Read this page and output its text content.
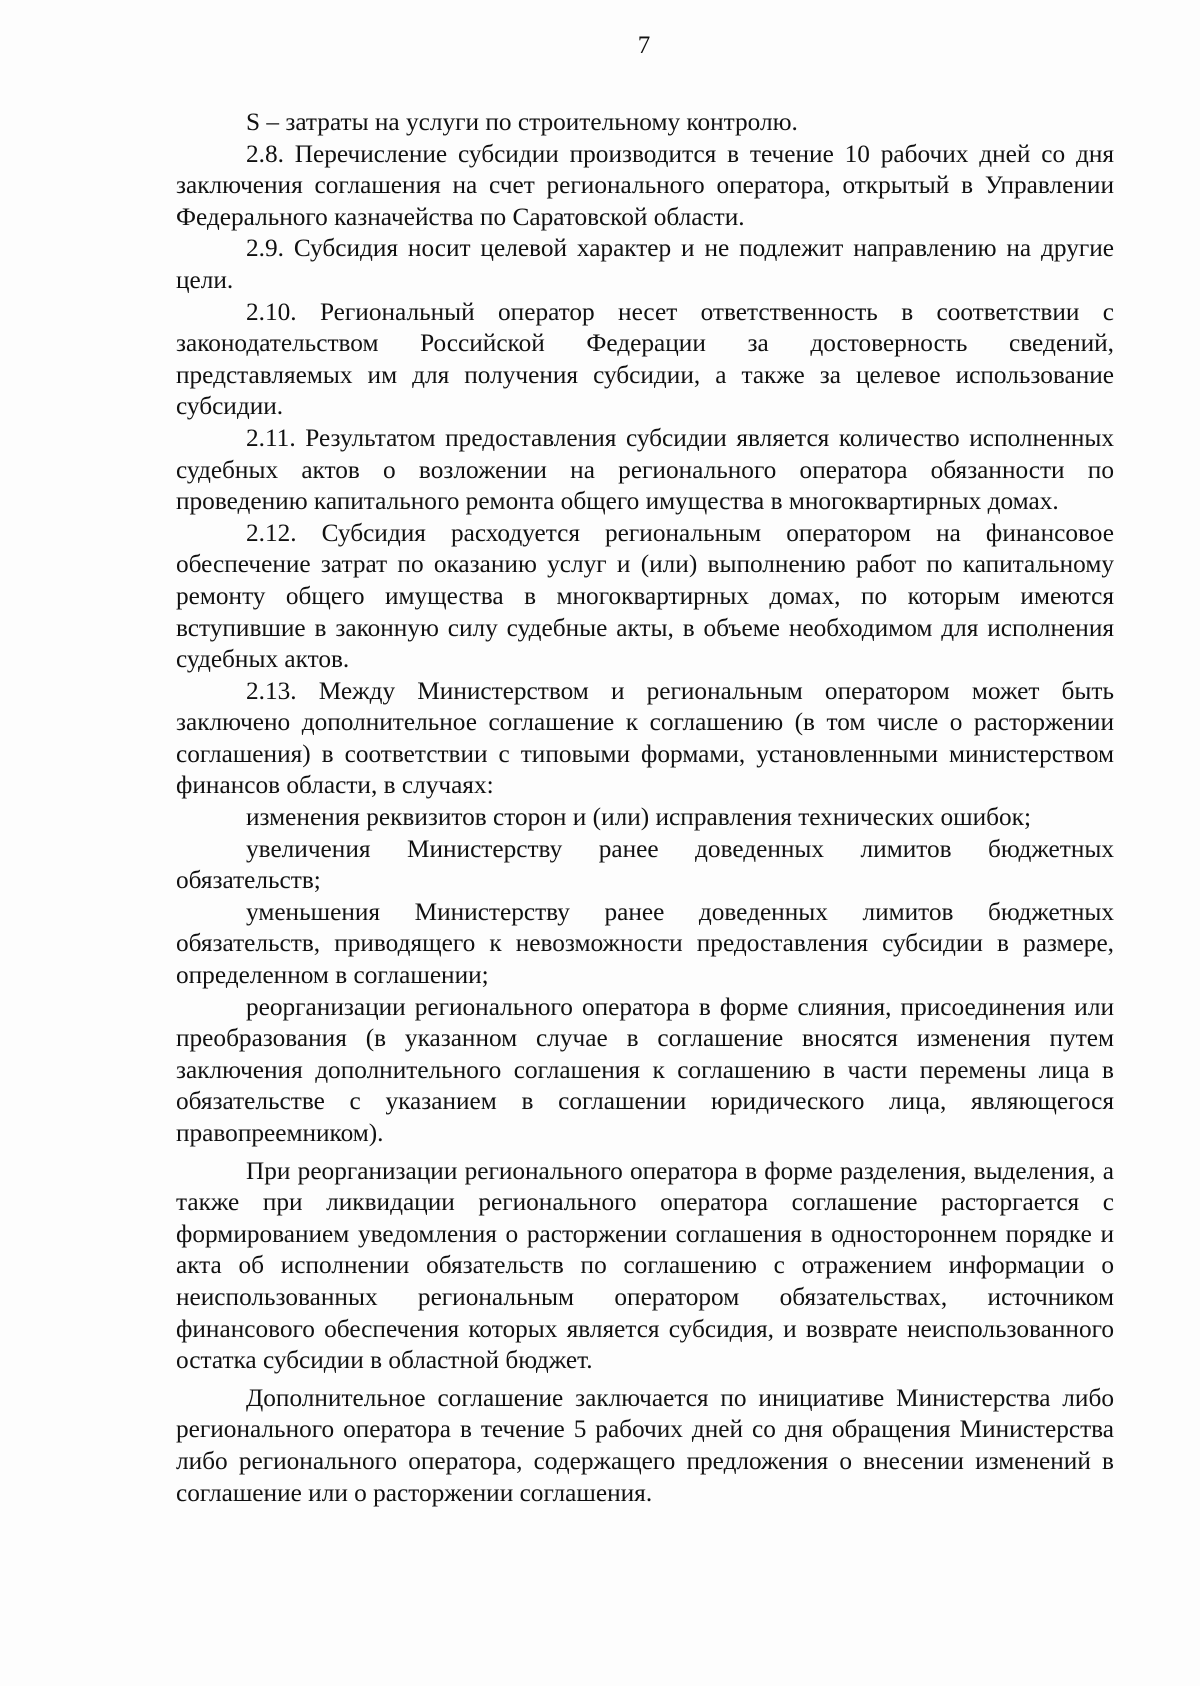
7

S – затраты на услуги по строительному контролю.

2.8. Перечисление субсидии производится в течение 10 рабочих дней со дня заключения соглашения на счет регионального оператора, открытый в Управлении Федерального казначейства по Саратовской области.

2.9. Субсидия носит целевой характер и не подлежит направлению на другие цели.

2.10. Региональный оператор несет ответственность в соответствии с законодательством Российской Федерации за достоверность сведений, представляемых им для получения субсидии, а также за целевое использование субсидии.

2.11. Результатом предоставления субсидии является количество исполненных судебных актов о возложении на регионального оператора обязанности по проведению капитального ремонта общего имущества в многоквартирных домах.

2.12. Субсидия расходуется региональным оператором на финансовое обеспечение затрат по оказанию услуг и (или) выполнению работ по капитальному ремонту общего имущества в многоквартирных домах, по которым имеются вступившие в законную силу судебные акты, в объеме необходимом для исполнения судебных актов.

2.13. Между Министерством и региональным оператором может быть заключено дополнительное соглашение к соглашению (в том числе о расторжении соглашения) в соответствии с типовыми формами, установленными министерством финансов области, в случаях:

изменения реквизитов сторон и (или) исправления технических ошибок;

увеличения Министерству ранее доведенных лимитов бюджетных обязательств;

уменьшения Министерству ранее доведенных лимитов бюджетных обязательств, приводящего к невозможности предоставления субсидии в размере, определенном в соглашении;

реорганизации регионального оператора в форме слияния, присоединения или преобразования (в указанном случае в соглашение вносятся изменения путем заключения дополнительного соглашения к соглашению в части перемены лица в обязательстве с указанием в соглашении юридического лица, являющегося правопреемником).

При реорганизации регионального оператора в форме разделения, выделения, а также при ликвидации регионального оператора соглашение расторгается с формированием уведомления о расторжении соглашения в одностороннем порядке и акта об исполнении обязательств по соглашению с отражением информации о неиспользованных региональным оператором обязательствах, источником финансового обеспечения которых является субсидия, и возврате неиспользованного остатка субсидии в областной бюджет.

Дополнительное соглашение заключается по инициативе Министерства либо регионального оператора в течение 5 рабочих дней со дня обращения Министерства либо регионального оператора, содержащего предложения о внесении изменений в соглашение или о расторжении соглашения.
